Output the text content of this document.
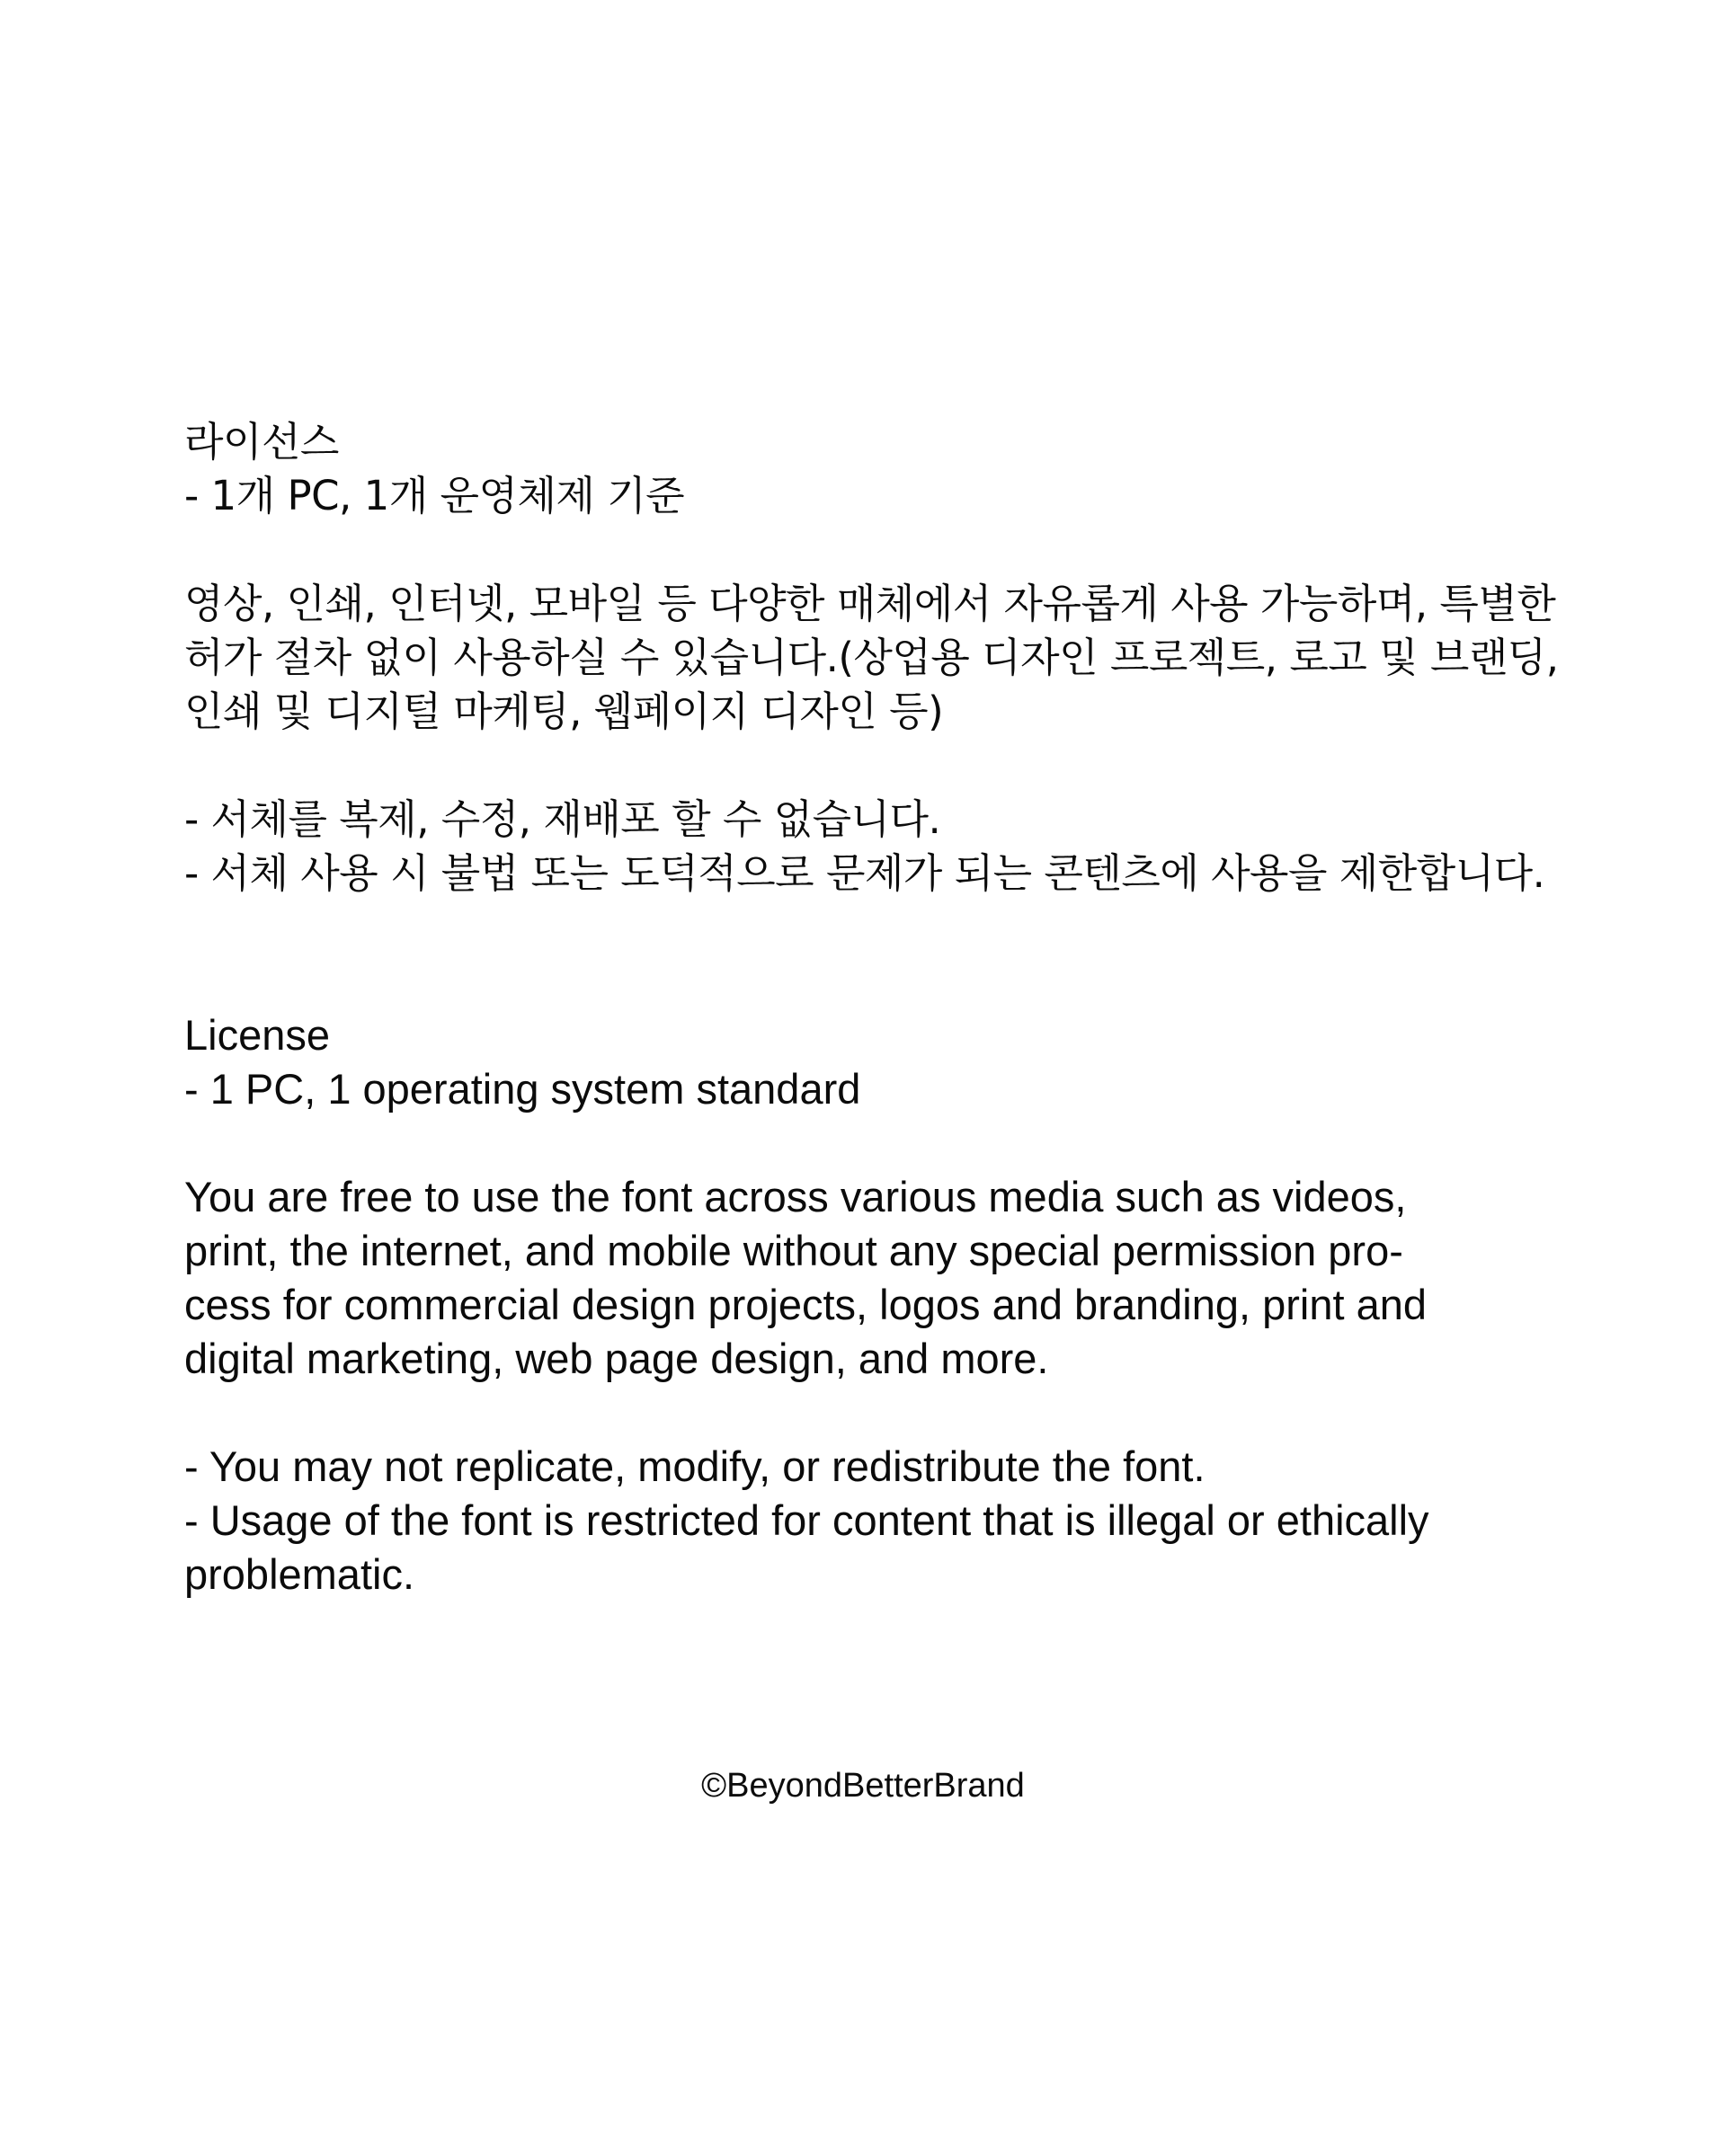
라이선스
- 1개 PC, 1개 운영체제 기준
영상, 인쇄, 인터넷, 모바일 등 다양한 매체에서 자유롭게 사용 가능하며, 특별한
허가 절차 없이 사용하실 수 있습니다.(상업용 디자인 프로젝트, 로고 및 브랜딩,
인쇄 및 디지털 마케팅, 웹페이지 디자인 등)
- 서체를 복제, 수정, 재배포 할 수 없습니다.
- 서체 사용 시 불법 또는 도덕적으로 문제가 되는 콘텐츠에 사용을 제한합니다.
License
- 1 PC, 1 operating system standard
You are free to use the font across various media such as videos,
print, the internet, and mobile without any special permission pro-
cess for commercial design projects, logos and branding, print and
digital marketing, web page design, and more.
- You may not replicate, modify, or redistribute the font.
- Usage of the font is restricted for content that is illegal or ethically
problematic.
©BeyondBetterBrand
